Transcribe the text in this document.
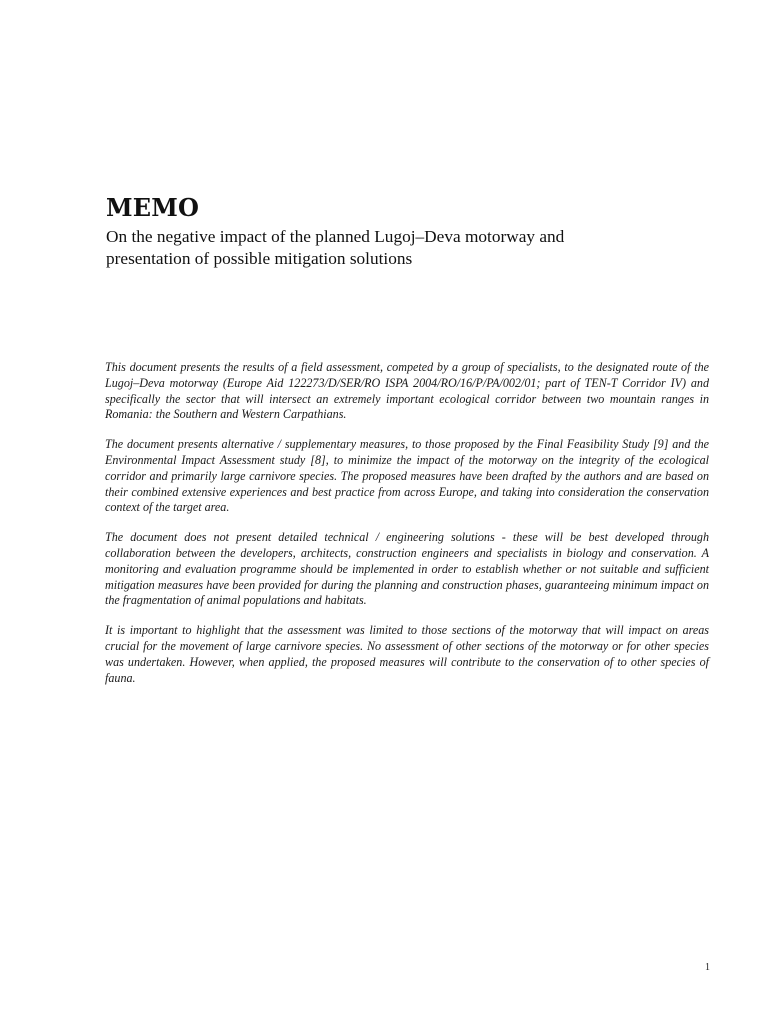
MEMO
On the negative impact of the planned Lugoj–Deva motorway and
presentation of possible mitigation solutions

This document presents the results of a field assessment, competed by a group of specialists, to the designated route of the Lugoj–Deva motorway (Europe Aid 122273/D/SER/RO ISPA 2004/RO/16/P/PA/002/01; part of TEN-T Corridor IV) and specifically the sector that will intersect an extremely important ecological corridor between two mountain ranges in Romania: the Southern and Western Carpathians.

The document presents alternative / supplementary measures, to those proposed by the Final Feasibility Study [9] and the Environmental Impact Assessment study [8], to minimize the impact of the motorway on the integrity of the ecological corridor and primarily large carnivore species. The proposed measures have been drafted by the authors and are based on their combined extensive experiences and best practice from across Europe, and taking into consideration the conservation context of the target area.

The document does not present detailed technical / engineering solutions - these will be best developed through collaboration between the developers, architects, construction engineers and specialists in biology and conservation. A monitoring and evaluation programme should be implemented in order to establish whether or not suitable and sufficient mitigation measures have been provided for during the planning and construction phases, guaranteeing minimum impact on the fragmentation of animal populations and habitats.

It is important to highlight that the assessment was limited to those sections of the motorway that will impact on areas crucial for the movement of large carnivore species. No assessment of other sections of the motorway or for other species was undertaken. However, when applied, the proposed measures will contribute to the conservation of to other species of fauna.

1
